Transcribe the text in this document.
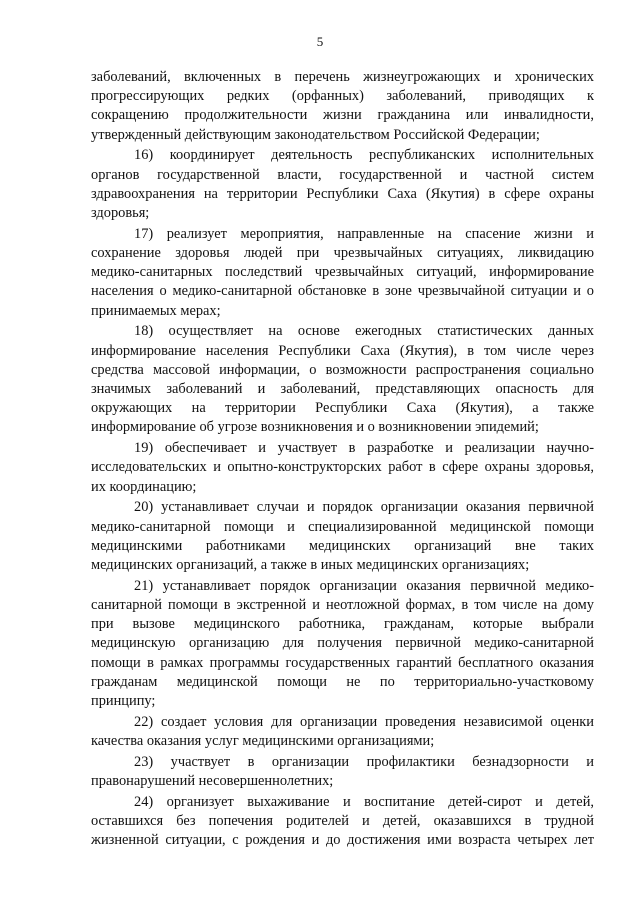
5
заболеваний, включенных в перечень жизнеугрожающих и хронических
прогрессирующих редких (орфанных) заболеваний, приводящих к
сокращению продолжительности жизни гражданина или инвалидности,
утвержденный действующим законодательством Российской Федерации;
16) координирует деятельность республиканских исполнительных
органов государственной власти, государственной и частной систем
здравоохранения на территории Республики Саха (Якутия) в сфере охраны
здоровья;
17) реализует мероприятия, направленные на спасение жизни и
сохранение здоровья людей при чрезвычайных ситуациях, ликвидацию
медико-санитарных последствий чрезвычайных ситуаций, информирование
населения о медико-санитарной обстановке в зоне чрезвычайной ситуации и о
принимаемых мерах;
18) осуществляет на основе ежегодных статистических данных
информирование населения Республики Саха (Якутия), в том числе через
средства массовой информации, о возможности распространения социально
значимых заболеваний и заболеваний, представляющих опасность для
окружающих на территории Республики Саха (Якутия), а также
информирование об угрозе возникновения и о возникновении эпидемий;
19) обеспечивает и участвует в разработке и реализации научно-
исследовательских и опытно-конструкторских работ в сфере охраны здоровья,
их координацию;
20) устанавливает случаи и порядок организации оказания первичной
медико-санитарной помощи и специализированной медицинской помощи
медицинскими работниками медицинских организаций вне таких
медицинских организаций, а также в иных медицинских организациях;
21) устанавливает порядок организации оказания первичной медико-
санитарной помощи в экстренной и неотложной формах, в том числе на дому
при вызове медицинского работника, гражданам, которые выбрали
медицинскую организацию для получения первичной медико-санитарной
помощи в рамках программы государственных гарантий бесплатного оказания
гражданам медицинской помощи не по территориально-участковому
принципу;
22) создает условия для организации проведения независимой оценки
качества оказания услуг медицинскими организациями;
23) участвует в организации профилактики безнадзорности и
правонарушений несовершеннолетних;
24) организует выхаживание и воспитание детей-сирот и детей,
оставшихся без попечения родителей и детей, оказавшихся в трудной
жизненной ситуации, с рождения и до достижения ими возраста четырех лет
